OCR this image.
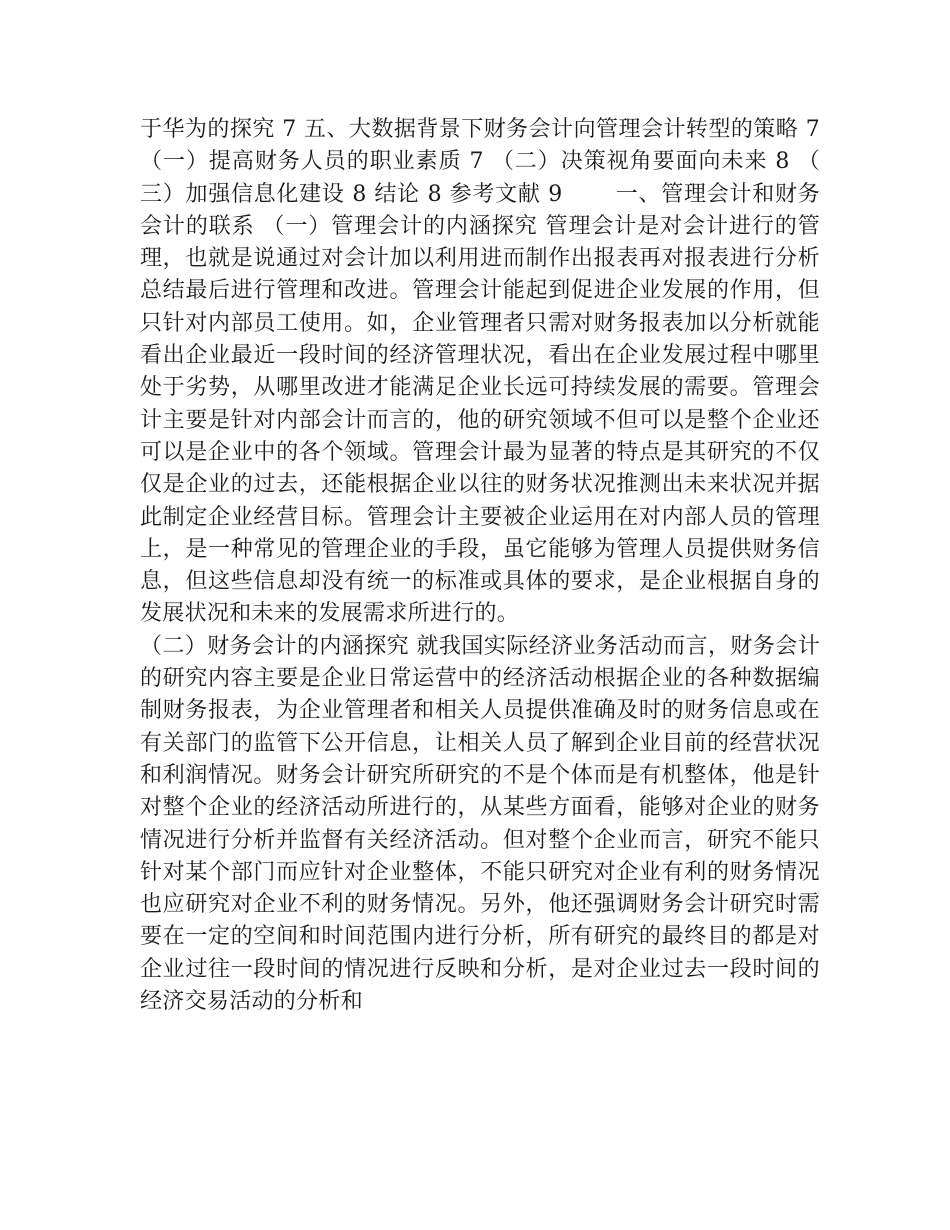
于华为的探究 7 五、大数据背景下财务会计向管理会计转型的策略 7 （一）提高财务人员的职业素质 7 （二）决策视角要面向未来 8 （三）加强信息化建设 8 结论 8 参考文献 9 　　一、管理会计和财务会计的联系 （一）管理会计的内涵探究 管理会计是对会计进行的管理，也就是说通过对会计加以利用进而制作出报表再对报表进行分析总结最后进行管理和改进。管理会计能起到促进企业发展的作用，但只针对内部员工使用。如，企业管理者只需对财务报表加以分析就能看出企业最近一段时间的经济管理状况，看出在企业发展过程中哪里处于劣势，从哪里改进才能满足企业长远可持续发展的需要。管理会计主要是针对内部会计而言的，他的研究领域不但可以是整个企业还可以是企业中的各个领域。管理会计最为显著的特点是其研究的不仅仅是企业的过去，还能根据企业以往的财务状况推测出未来状况并据此制定企业经营目标。管理会计主要被企业运用在对内部人员的管理上，是一种常见的管理企业的手段，虽它能够为管理人员提供财务信息，但这些信息却没有统一的标准或具体的要求，是企业根据自身的发展状况和未来的发展需求所进行的。

（二）财务会计的内涵探究 就我国实际经济业务活动而言，财务会计的研究内容主要是企业日常运营中的经济活动根据企业的各种数据编制财务报表，为企业管理者和相关人员提供准确及时的财务信息或在有关部门的监管下公开信息，让相关人员了解到企业目前的经营状况和利润情况。财务会计研究所研究的不是个体而是有机整体，他是针对整个企业的经济活动所进行的，从某些方面看，能够对企业的财务情况进行分析并监督有关经济活动。但对整个企业而言，研究不能只针对某个部门而应针对企业整体，不能只研究对企业有利的财务情况也应研究对企业不利的财务情况。另外，他还强调财务会计研究时需要在一定的空间和时间范围内进行分析，所有研究的最终目的都是对企业过往一段时间的情况进行反映和分析，是对企业过去一段时间的经济交易活动的分析和
